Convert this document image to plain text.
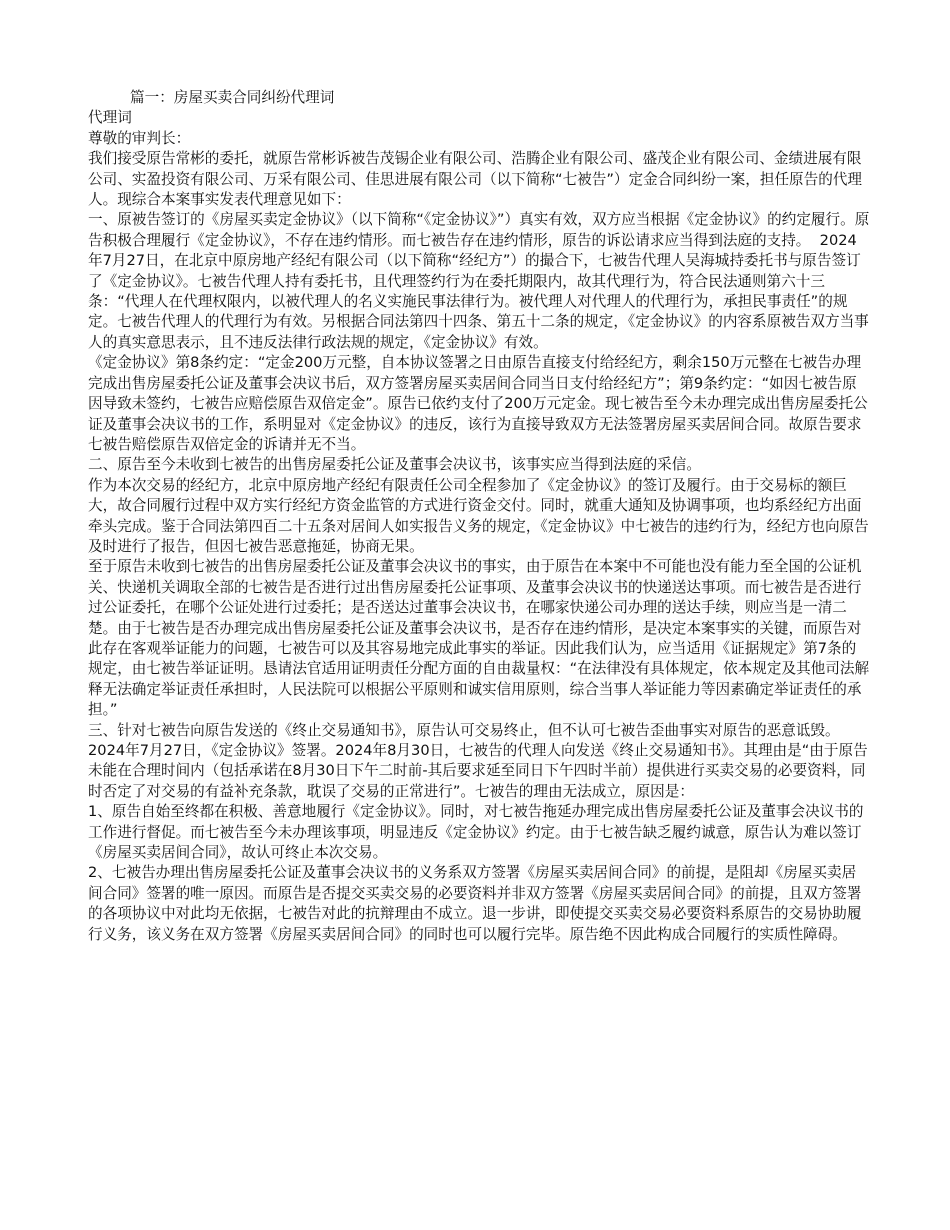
篇一：房屋买卖合同纠纷代理词

代理词

尊敬的审判长：

我们接受原告常彬的委托，就原告常彬诉被告茂锡企业有限公司、浩腾企业有限公司、盛茂企业有限公司、金绩进展有限公司、实盈投资有限公司、万采有限公司、佳思进展有限公司（以下简称“七被告”）定金合同纠纷一案，担任原告的代理人。现综合本案事实发表代理意见如下：

一、原被告签订的《房屋买卖定金协议》（以下简称“《定金协议》”）真实有效，双方应当根据《定金协议》的约定履行。原告积极合理履行《定金协议》，不存在违约情形。而七被告存在违约情形，原告的诉讼请求应当得到法庭的支持。  2024年7月27日，在北京中原房地产经纪有限公司（以下简称“经纪方”）的撮合下，七被告代理人吴海城持委托书与原告签订了《定金协议》。七被告代理人持有委托书，且代理签约行为在委托期限内，故其代理行为，符合民法通则第六十三条：“代理人在代理权限内，以被代理人的名义实施民事法律行为。被代理人对代理人的代理行为，承担民事责任”的规定。七被告代理人的代理行为有效。另根据合同法第四十四条、第五十二条的规定，《定金协议》的内容系原被告双方当事人的真实意思表示，且不违反法律行政法规的规定，《定金协议》有效。

《定金协议》第8条约定：“定金200万元整，自本协议签署之日由原告直接支付给经纪方，剩余150万元整在七被告办理完成出售房屋委托公证及董事会决议书后，双方签署房屋买卖居间合同当日支付给经纪方”；第9条约定：“如因七被告原因导致未签约，七被告应赔偿原告双倍定金”。原告已依约支付了200万元定金。现七被告至今未办理完成出售房屋委托公证及董事会决议书的工作，系明显对《定金协议》的违反，该行为直接导致双方无法签署房屋买卖居间合同。故原告要求七被告赔偿原告双倍定金的诉请并无不当。

二、原告至今未收到七被告的出售房屋委托公证及董事会决议书，该事实应当得到法庭的采信。

作为本次交易的经纪方，北京中原房地产经纪有限责任公司全程参加了《定金协议》的签订及履行。由于交易标的额巨大，故合同履行过程中双方实行经纪方资金监管的方式进行资金交付。同时，就重大通知及协调事项，也均系经纪方出面牵头完成。鉴于合同法第四百二十五条对居间人如实报告义务的规定，《定金协议》中七被告的违约行为，经纪方也向原告及时进行了报告，但因七被告恶意拖延，协商无果。

至于原告未收到七被告的出售房屋委托公证及董事会决议书的事实，由于原告在本案中不可能也没有能力至全国的公证机关、快递机关调取全部的七被告是否进行过出售房屋委托公证事项、及董事会决议书的快递送达事项。而七被告是否进行过公证委托，在哪个公证处进行过委托；是否送达过董事会决议书，在哪家快递公司办理的送达手续，则应当是一清二楚。由于七被告是否办理完成出售房屋委托公证及董事会决议书，是否存在违约情形，是决定本案事实的关键，而原告对此存在客观举证能力的问题，七被告可以及其容易地完成此事实的举证。因此我们认为，应当适用《证据规定》第7条的规定，由七被告举证证明。恳请法官适用证明责任分配方面的自由裁量权：“在法律没有具体规定，依本规定及其他司法解释无法确定举证责任承担时，人民法院可以根据公平原则和诚实信用原则，综合当事人举证能力等因素确定举证责任的承担。”

三、针对七被告向原告发送的《终止交易通知书》，原告认可交易终止，但不认可七被告歪曲事实对原告的恶意诋毁。

2024年7月27日，《定金协议》签署。2024年8月30日，七被告的代理人向发送《终止交易通知书》。其理由是“由于原告未能在合理时间内（包括承诺在8月30日下午二时前-其后要求延至同日下午四时半前）提供进行买卖交易的必要资料，同时否定了对交易的有益补充条款，耽误了交易的正常进行”。七被告的理由无法成立，原因是：

1、原告自始至终都在积极、善意地履行《定金协议》。同时，对七被告拖延办理完成出售房屋委托公证及董事会决议书的工作进行督促。而七被告至今未办理该事项，明显违反《定金协议》约定。由于七被告缺乏履约诚意，原告认为难以签订《房屋买卖居间合同》，故认可终止本次交易。

2、七被告办理出售房屋委托公证及董事会决议书的义务系双方签署《房屋买卖居间合同》的前提，是阻却《房屋买卖居间合同》签署的唯一原因。而原告是否提交买卖交易的必要资料并非双方签署《房屋买卖居间合同》的前提，且双方签署的各项协议中对此均无依据，七被告对此的抗辩理由不成立。退一步讲，即使提交买卖交易必要资料系原告的交易协助履行义务，该义务在双方签署《房屋买卖居间合同》的同时也可以履行完毕。原告绝不因此构成合同履行的实质性障碍。
